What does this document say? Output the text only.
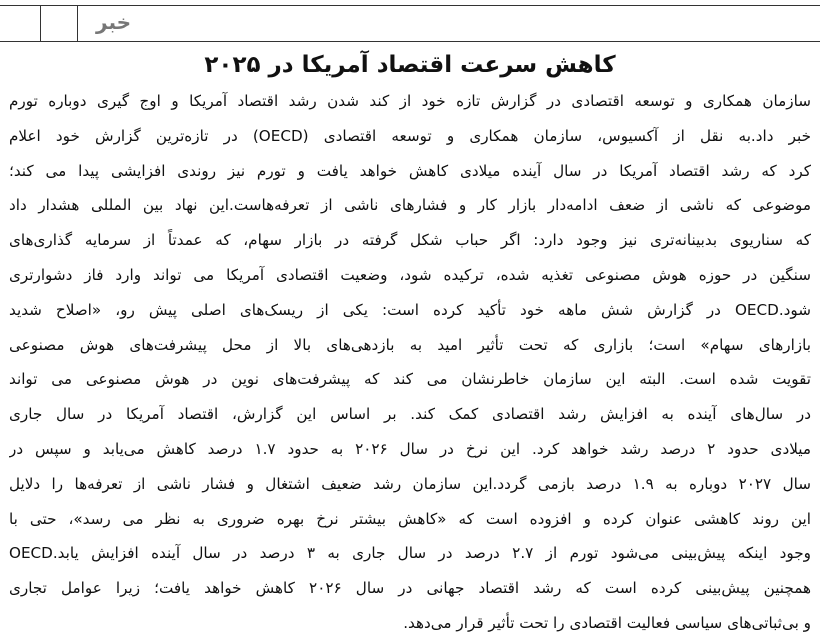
خبر
کاهش سرعت اقتصاد آمریکا در ۲۰۲۵
سازمان همکاری و توسعه اقتصادی در گزارش تازه خود از کند شدن رشد اقتصاد آمریکا و اوج گیری دوباره تورم
خبر داد.به نقل از آکسیوس، سازمان همکاری و توسعه اقتصادی (OECD) در تازه‌ترین گزارش خود اعلام
کرد که رشد اقتصاد آمریکا در سال آینده میلادی کاهش خواهد یافت و تورم نیز روندی افزایشی پیدا می کند؛
موضوعی که ناشی از ضعف ادامه‌دار بازار کار و فشارهای ناشی از تعرفه‌هاست.این نهاد بین المللی هشدار داد
که سناریوی بدبینانه‌تری نیز وجود دارد: اگر حباب شکل گرفته در بازار سهام، که عمدتاً از سرمایه گذاری‌های
سنگین در حوزه هوش مصنوعی تغذیه شده، ترکیده شود، وضعیت اقتصادی آمریکا می تواند وارد فاز دشوارتری
شود.OECD در گزارش شش ماهه خود تأکید کرده است: یکی از ریسک‌های اصلی پیش رو، «اصلاح شدید
بازارهای سهام» است؛ بازاری که تحت تأثیر امید به بازدهی‌های بالا از محل پیشرفت‌های هوش مصنوعی
تقویت شده است. البته این سازمان خاطرنشان می کند که پیشرفت‌های نوین در هوش مصنوعی می تواند
در سال‌های آینده به افزایش رشد اقتصادی کمک کند. بر اساس این گزارش، اقتصاد آمریکا در سال جاری
میلادی حدود ۲ درصد رشد خواهد کرد. این نرخ در سال ۲۰۲۶ به حدود ۱.۷ درصد کاهش می‌یابد و سپس در
سال ۲۰۲۷ دوباره به ۱.۹ درصد بازمی گردد.این سازمان رشد ضعیف اشتغال و فشار ناشی از تعرفه‌ها را دلایل
این روند کاهشی عنوان کرده و افزوده است که «کاهش بیشتر نرخ بهره ضروری به نظر می رسد»، حتی با
وجود اینکه پیش‌بینی می‌شود تورم از ۲.۷ درصد در سال جاری به ۳ درصد در سال آینده افزایش یابد.OECD
همچنین پیش‌بینی کرده است که رشد اقتصاد جهانی در سال ۲۰۲۶ کاهش خواهد یافت؛ زیرا عوامل تجاری
و بی‌ثباتی‌های سیاسی فعالیت اقتصادی را تحت تأثیر قرار می‌دهد.
